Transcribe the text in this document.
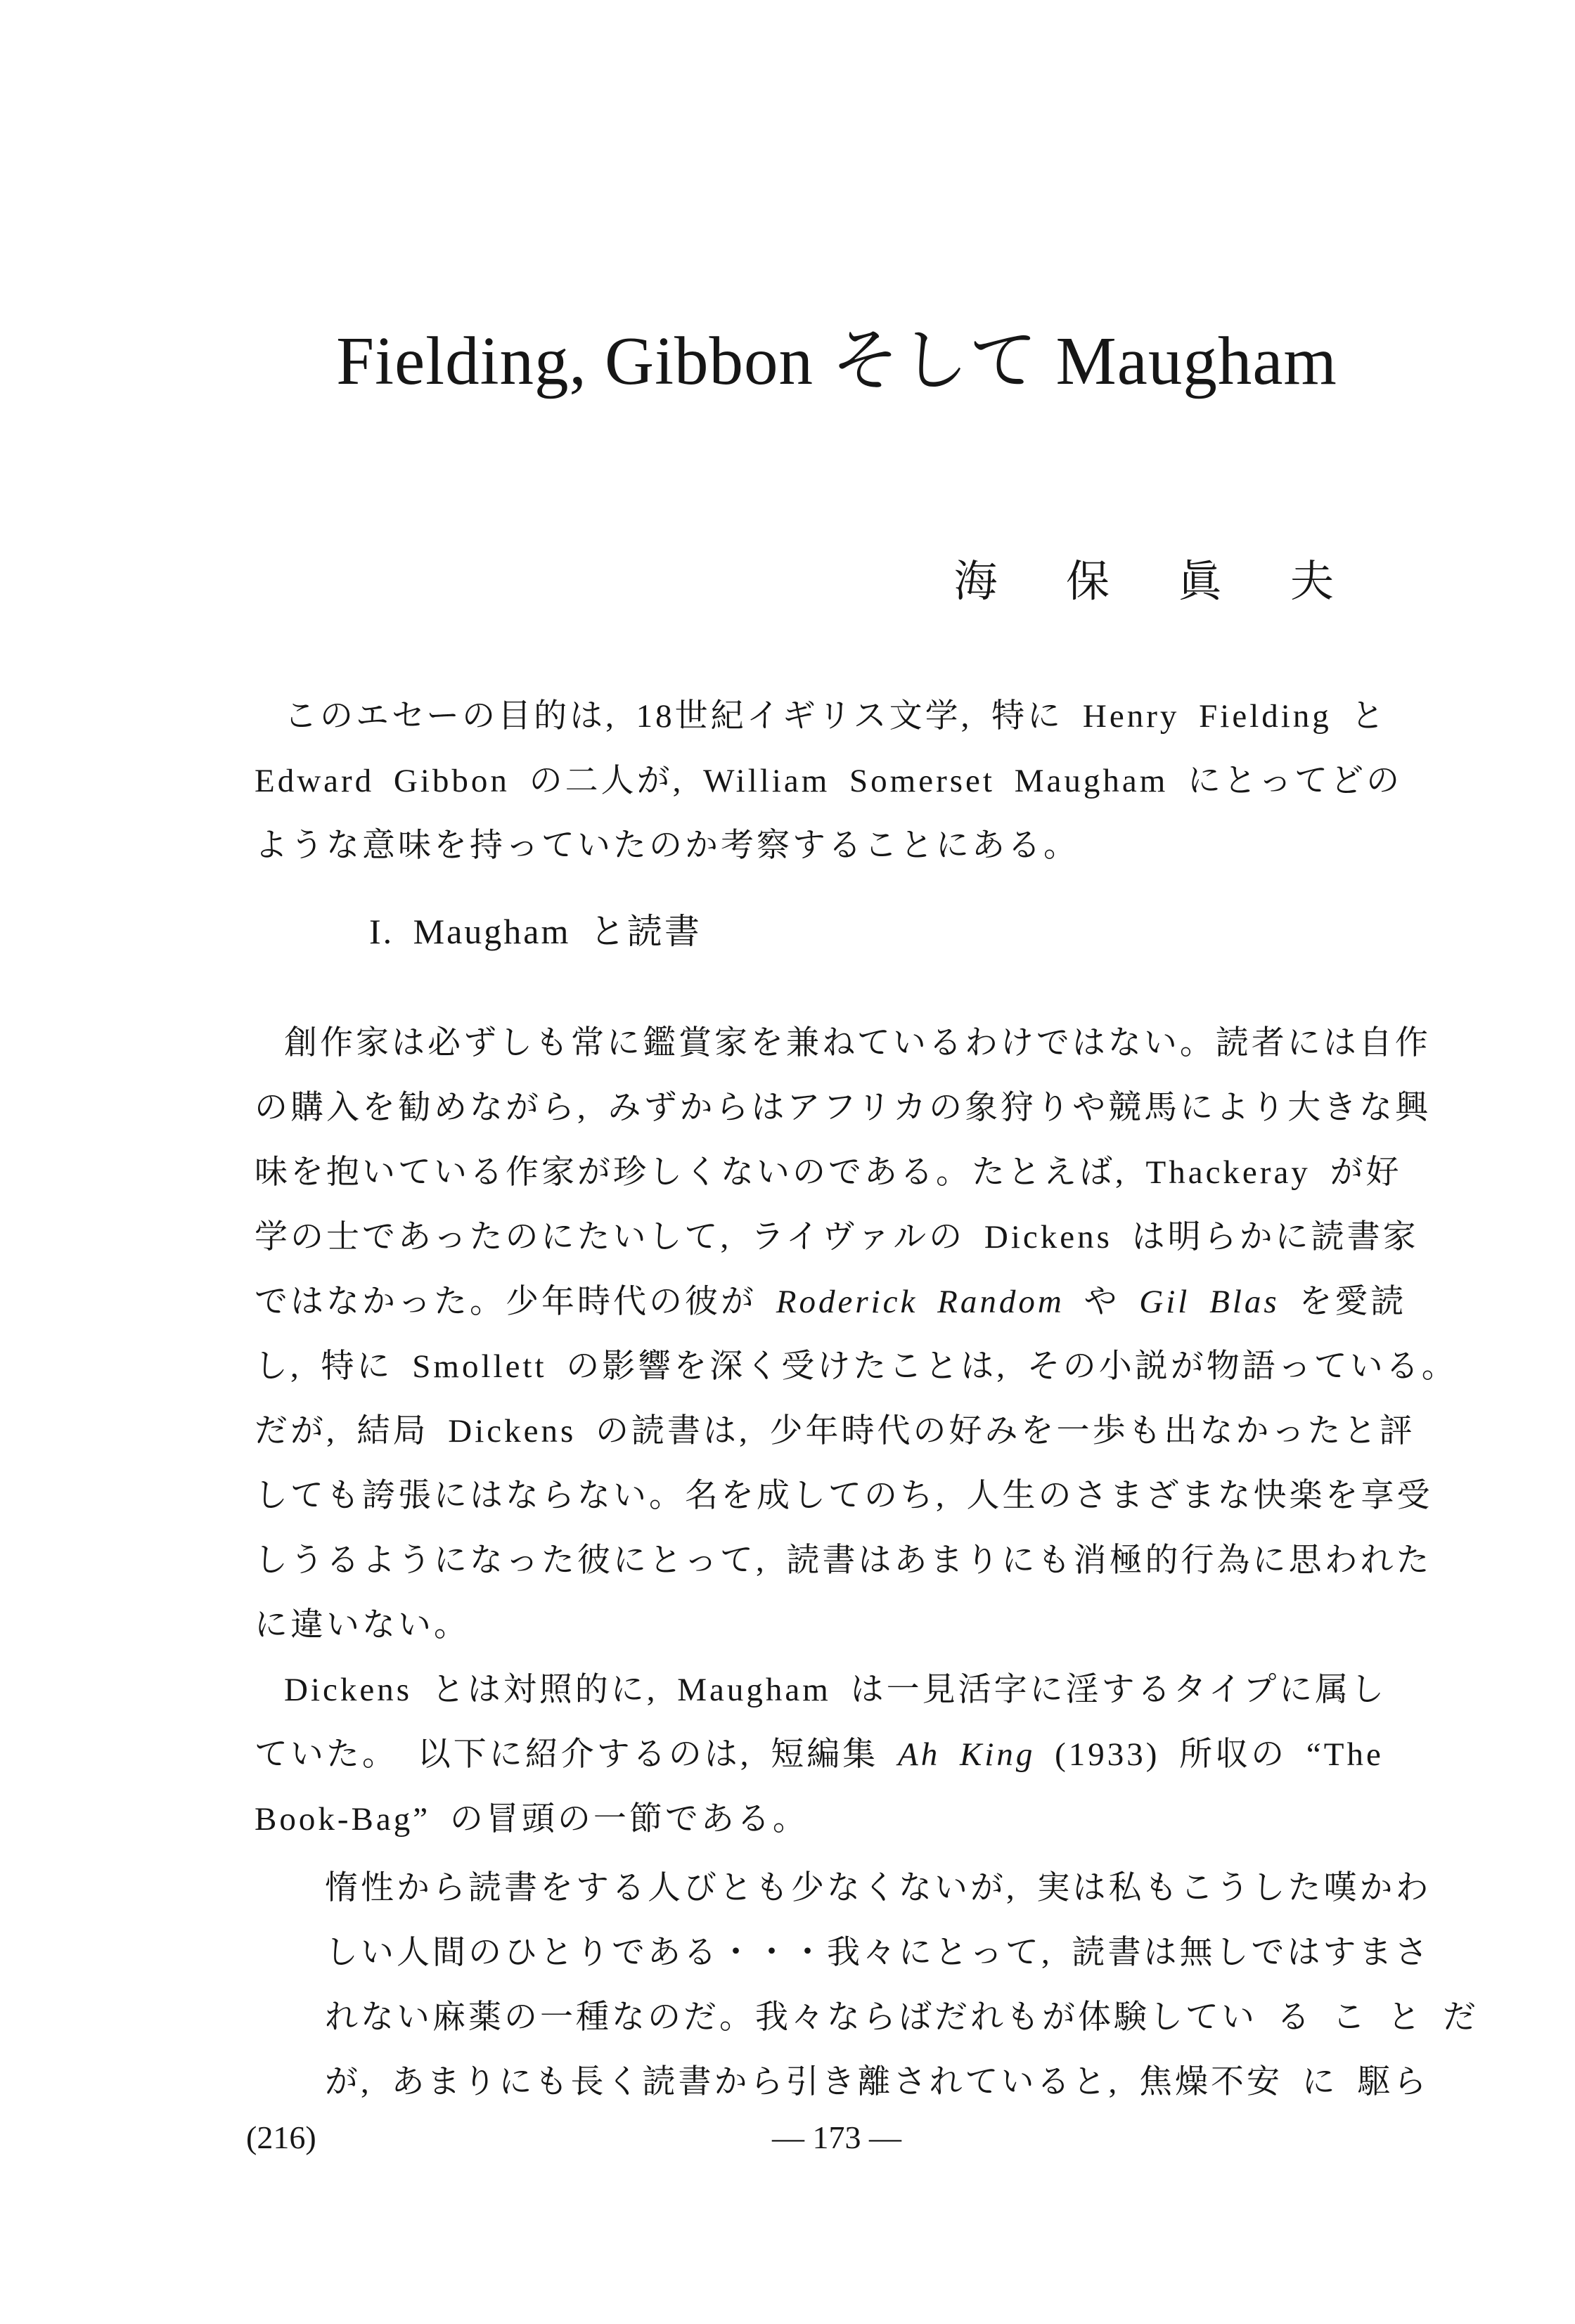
Fielding, Gibbon そして Maugham
海 保 眞 夫

このエセーの目的は, 18世紀イギリス文学, 特に Henry Fielding と

Edward Gibbon の二人が, William Somerset Maugham にとってどの

ような意味を持っていたのか考察することにある。

I. Maugham と読書

創作家は必ずしも常に鑑賞家を兼ねているわけではない。読者には自作

の購入を勧めながら, みずからはアフリカの象狩りや競馬により大きな興

味を抱いている作家が珍しくないのである。たとえば, Thackeray が好

学の士であったのにたいして, ライヴァルの Dickens は明らかに読書家

ではなかった。少年時代の彼が Roderick Random や Gil Blas を愛読

し, 特に Smollett の影響を深く受けたことは, その小説が物語っている。

だが, 結局 Dickens の読書は, 少年時代の好みを一歩も出なかったと評

しても誇張にはならない。名を成してのち, 人生のさまざまな快楽を享受

しうるようになった彼にとって, 読書はあまりにも消極的行為に思われた

に違いない。

Dickens とは対照的に, Maugham は一見活字に淫するタイプに属し

ていた。 以下に紹介するのは, 短編集 Ah King (1933) 所収の “The

Book-Bag” の冒頭の一節である。

惰性から読書をする人びとも少なくないが, 実は私もこうした嘆かわ

しい人間のひとりである・・・我々にとって, 読書は無しではすまさ

れない麻薬の一種なのだ。我々ならばだれもが体験してい る こ と だ

が, あまりにも長く読書から引き離されていると, 焦燥不安 に 駆ら

(216)	— 173 —
